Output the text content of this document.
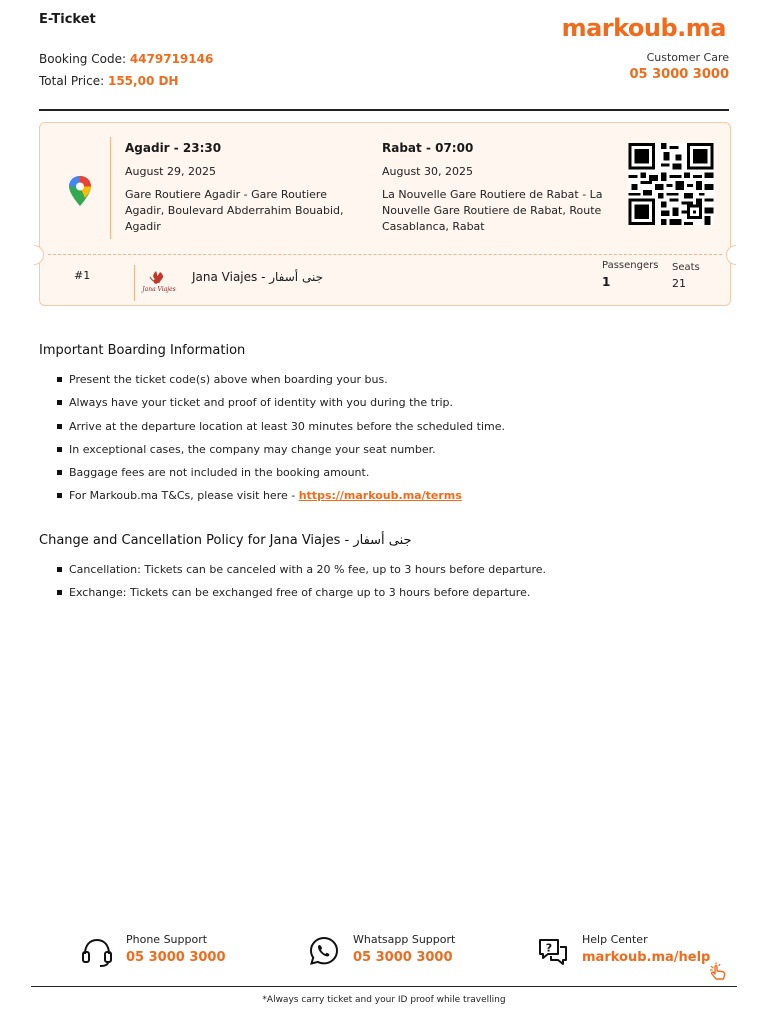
E-Ticket
Booking Code: 4479719146
Total Price: 155,00 DH
markoub.ma
Customer Care
05 3000 3000
Agadir - 23:30
August 29, 2025
Gare Routiere Agadir - Gare Routiere Agadir, Boulevard Abderrahim Bouabid, Agadir
Rabat - 07:00
August 30, 2025
La Nouvelle Gare Routiere de Rabat - La Nouvelle Gare Routiere de Rabat, Route Casablanca, Rabat
#1
Jana Viajes
Jana Viajes - جنى أسفار
Passengers
1
Seats
21
Important Boarding Information
Present the ticket code(s) above when boarding your bus.
Always have your ticket and proof of identity with you during the trip.
Arrive at the departure location at least 30 minutes before the scheduled time.
In exceptional cases, the company may change your seat number.
Baggage fees are not included in the booking amount.
For Markoub.ma T&Cs, please visit here - https://markoub.ma/terms
Change and Cancellation Policy for Jana Viajes - جنى أسفار
Cancellation: Tickets can be canceled with a 20 % fee, up to 3 hours before departure.
Exchange: Tickets can be exchanged free of charge up to 3 hours before departure.
Phone Support
05 3000 3000
Whatsapp Support
05 3000 3000
?
Help Center
markoub.ma/help
*Always carry ticket and your ID proof while travelling
